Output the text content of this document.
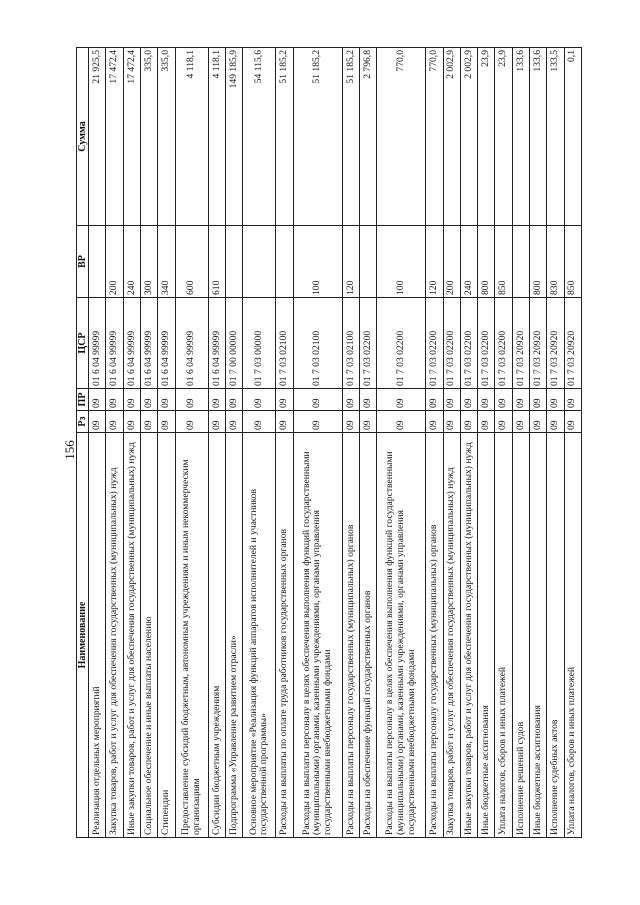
156
Наименование	Рз	ПР	ЦСР	ВР	Сумма
Реализация отдельных мероприятий	09	09	01 6 04 99999		21 925,5
Закупка товаров, работ и услуг для обеспечения государственных (муниципальных) нужд	09	09	01 6 04 99999	200	17 472,4
Иные закупки товаров, работ и услуг для обеспечения государственных (муниципальных) нужд	09	09	01 6 04 99999	240	17 472,4
Социальное обеспечение и иные выплаты населению	09	09	01 6 04 99999	300	335,0
Стипендии	09	09	01 6 04 99999	340	335,0
Предоставление субсидий бюджетным, автономным учреждениям и иным некоммерческим организациям	09	09	01 6 04 99999	600	4 118,1
Субсидии бюджетным учреждениям	09	09	01 6 04 99999	610	4 118,1
Подпрограмма «Управление развитием отрасли»	09	09	01 7 00 00000		149 185,9
Основное мероприятие «Реализация функций аппаратов исполнителей и участников государственной программы»	09	09	01 7 03 00000		54 115,6
Расходы на выплаты по оплате труда работников государственных органов	09	09	01 7 03 02100		51 185,2
Расходы на выплаты персоналу в целях обеспечения выполнения функций государственными (муниципальными) органами, казенными учреждениями, органами управления государственными внебюджетными фондами	09	09	01 7 03 02100	100	51 185,2
Расходы на выплаты персоналу государственных (муниципальных) органов	09	09	01 7 03 02100	120	51 185,2
Расходы на обеспечение функций государственных органов	09	09	01 7 03 02200		2 796,8
Расходы на выплаты персоналу в целях обеспечения выполнения функций государственными (муниципальными) органами, казенными учреждениями, органами управления государственными внебюджетными фондами	09	09	01 7 03 02200	100	770,0
Расходы на выплаты персоналу государственных (муниципальных) органов	09	09	01 7 03 02200	120	770,0
Закупка товаров, работ и услуг для обеспечения государственных (муниципальных) нужд	09	09	01 7 03 02200	200	2 002,9
Иные закупки товаров, работ и услуг для обеспечения государственных (муниципальных) нужд	09	09	01 7 03 02200	240	2 002,9
Иные бюджетные ассигнования	09	09	01 7 03 02200	800	23,9
Уплата налогов, сборов и иных платежей	09	09	01 7 03 02200	850	23,9
Исполнение решений судов	09	09	01 7 03 20920		133,6
Иные бюджетные ассигнования	09	09	01 7 03 20920	800	133,6
Исполнение судебных актов	09	09	01 7 03 20920	830	133,5
Уплата налогов, сборов и иных платежей	09	09	01 7 03 20920	850	0,1
